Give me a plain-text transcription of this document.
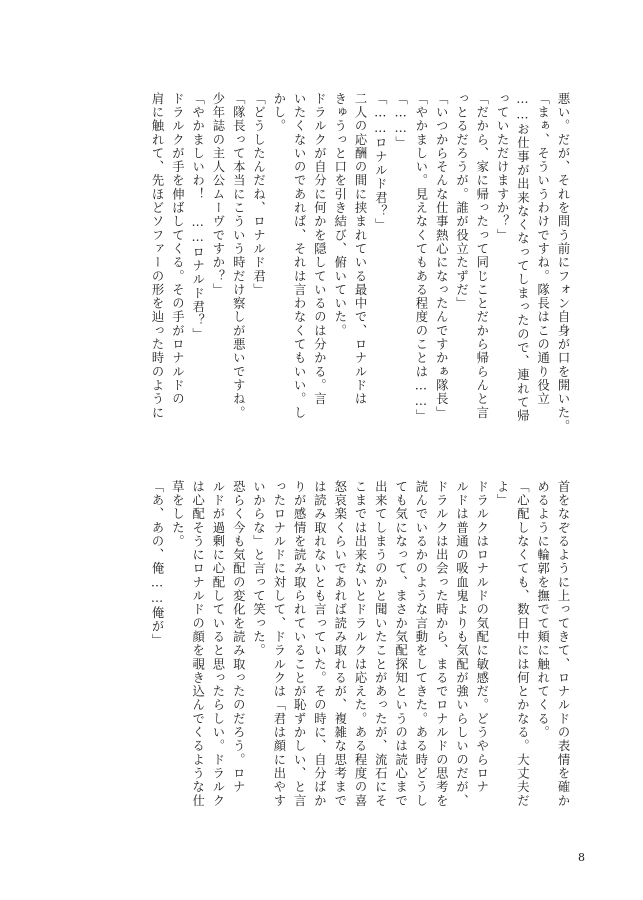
悪い。だが、それを問う前にフォン自身が口を開いた。
「まぁ、そういうわけですね。隊長はこの通り役立
……お仕事が出来なくなってしまったので、連れて帰
っていただけますか？」
「だから、家に帰ったって同じことだから帰らんと言
っとるだろうが。誰が役立たずだ」
「いつからそんな仕事熱心になったんですかぁ隊長」
「やかましい。見えなくてもある程度のことは……」
「……」
「……ロナルド君？」
二人の応酬の間に挟まれている最中で、ロナルドは
きゅうっと口を引き結び、俯いていた。
ドラルクが自分に何かを隠しているのは分かる。言
いたくないのであれば、それは言わなくてもいい。し
かし。
「どうしたんだね、ロナルド君」
「隊長って本当にこういう時だけ察しが悪いですね。
少年誌の主人公ムーヴですか？」
「やかましいわ！　……ロナルド君？」
ドラルクが手を伸ばしてくる。その手がロナルドの
肩に触れて、先ほどソファーの形を辿った時のように
首をなぞるように上ってきて、ロナルドの表情を確か
めるように輪郭を撫でて頬に触れてくる。
「心配しなくても、数日中には何とかなる。大丈夫だ
よ」
ドラルクはロナルドの気配に敏感だ。どうやらロナ
ルドは普通の吸血鬼よりも気配が強いらしいのだが、
ドラルクは出会った時から、まるでロナルドの思考を
読んでいるかのような言動をしてきた。ある時どうし
ても気になって、まさか気配探知というのは読心まで
出来てしまうのかと聞いたことがあったが、流石にそ
こまでは出来ないとドラルクは応えた。ある程度の喜
怒哀楽くらいであれば読み取れるが、複雑な思考まで
は読み取れないとも言っていた。その時に、自分ばか
りが感情を読み取られていることが恥ずかしい、と言
ったロナルドに対して、ドラルクは「君は顔に出やす
いからな」と言って笑った。
恐らく今も気配の変化を読み取ったのだろう。ロナ
ルドが過剰に心配していると思ったらしい。ドラルク
は心配そうにロナルドの顔を覗き込んでくるような仕
草をした。
「あ、あの、俺……俺が」
8
